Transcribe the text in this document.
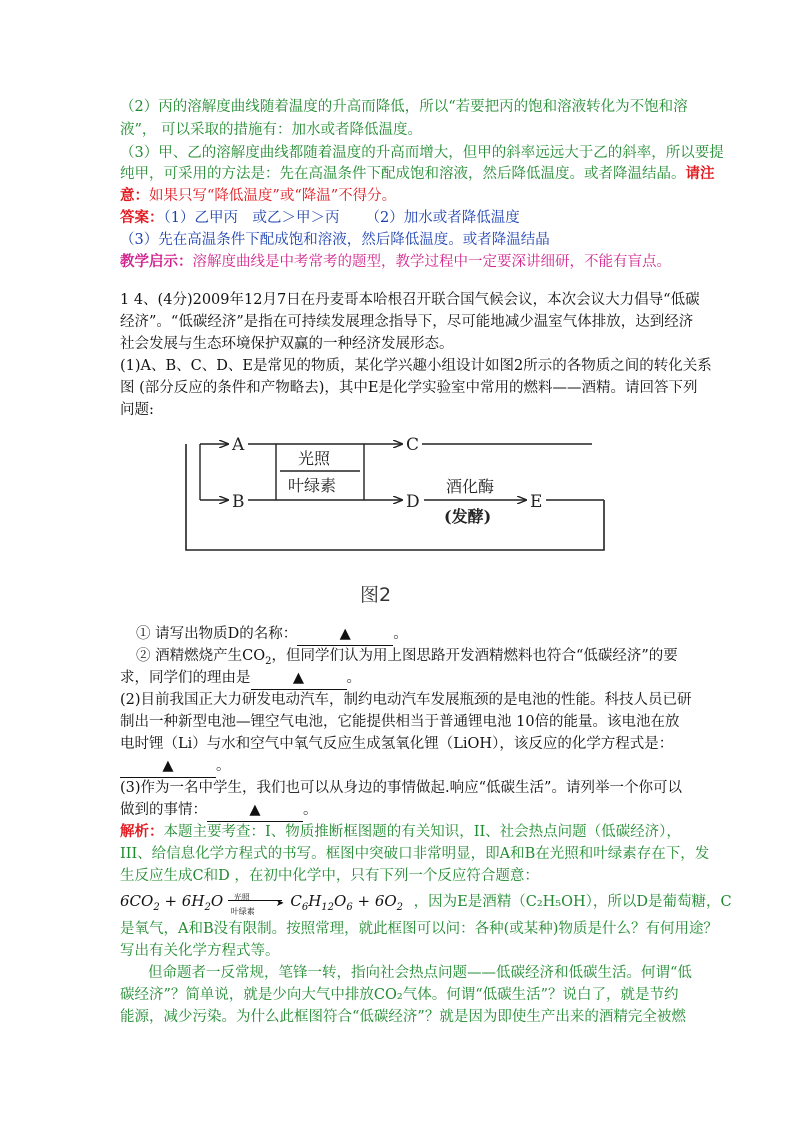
（2）丙的溶解度曲线随着温度的升高而降低，所以“若要把丙的饱和溶液转化为不饱和溶
液”， 可以采取的措施有：加水或者降低温度。
（3）甲、乙的溶解度曲线都随着温度的升高而增大，但甲的斜率远远大于乙的斜率，所以要提
纯甲，可采用的方法是：先在高温条件下配成饱和溶液，然后降低温度。或者降温结晶。请注
意：如果只写“降低温度”或“降温”不得分。
答案：（1）乙甲丙　或乙＞甲＞丙 （2）加水或者降低温度
（3）先在高温条件下配成饱和溶液，然后降低温度。或者降温结晶
教学启示：溶解度曲线是中考常考的题型，教学过程中一定要深讲细研，不能有盲点。
1 4、(4分)2009年12月7日在丹麦哥本哈根召开联合国气候会议，本次会议大力倡导“低碳
经济”。“低碳经济”是指在可持续发展理念指导下，尽可能地减少温室气体排放，达到经济
社会发展与生态环境保护双赢的一种经济发展形态。
(1)A、B、C、D、E是常见的物质，某化学兴趣小组设计如图2所示的各物质之间的转化关系
图 (部分反应的条件和产物略去)，其中E是化学实验室中常用的燃料——酒精。请回答下列
问题:
A
B
光照
叶绿素
C
D
酒化酶
(发酵)
E
图2
① 请写出物质D的名称：	▲	。
② 酒精燃烧产生$CO_2$，但同学们认为用上图思路开发酒精燃料也符合“低碳经济”的要
求，同学们的理由是	▲	。
(2)目前我国正大力研发电动汽车，制约电动汽车发展瓶颈的是电池的性能。科技人员已研
制出一种新型电池—锂空气电池，它能提供相当于普通锂电池 10倍的能量。该电池在放
电时锂（Li）与水和空气中氧气反应生成氢氧化锂（LiOH），该反应的化学方程式是：
▲	。
(3)作为一名中学生，我们也可以从身边的事情做起.响应“低碳生活”。请列举一个你可以
做到的事情：	▲	。
解析：本题主要考查：I、物质推断框图题的有关知识，II、社会热点问题（低碳经济），
III、给信息化学方程式的书写。框图中突破口非常明显，即A和B在光照和叶绿素存在下，发
生反应生成C和D ，在初中化学中，只有下列一个反应符合题意：
$6CO_2 + 6H_2O$ 光照
➤
叶绿素
$C_6H_{12}O_6 + 6O_2$ ，因为E是酒精（C₂H₅OH），所以D是葡萄糖，C
是氧气，A和B没有限制。按照常理，就此框图可以问：各种(或某种)物质是什么？有何用途？
写出有关化学方程式等。
但命题者一反常规，笔锋一转，指向社会热点问题——低碳经济和低碳生活。何谓“低
碳经济”？简单说，就是少向大气中排放CO₂气体。何谓“低碳生活”？说白了，就是节约
能源，减少污染。为什么此框图符合“低碳经济”？就是因为即使生产出来的酒精完全被燃
